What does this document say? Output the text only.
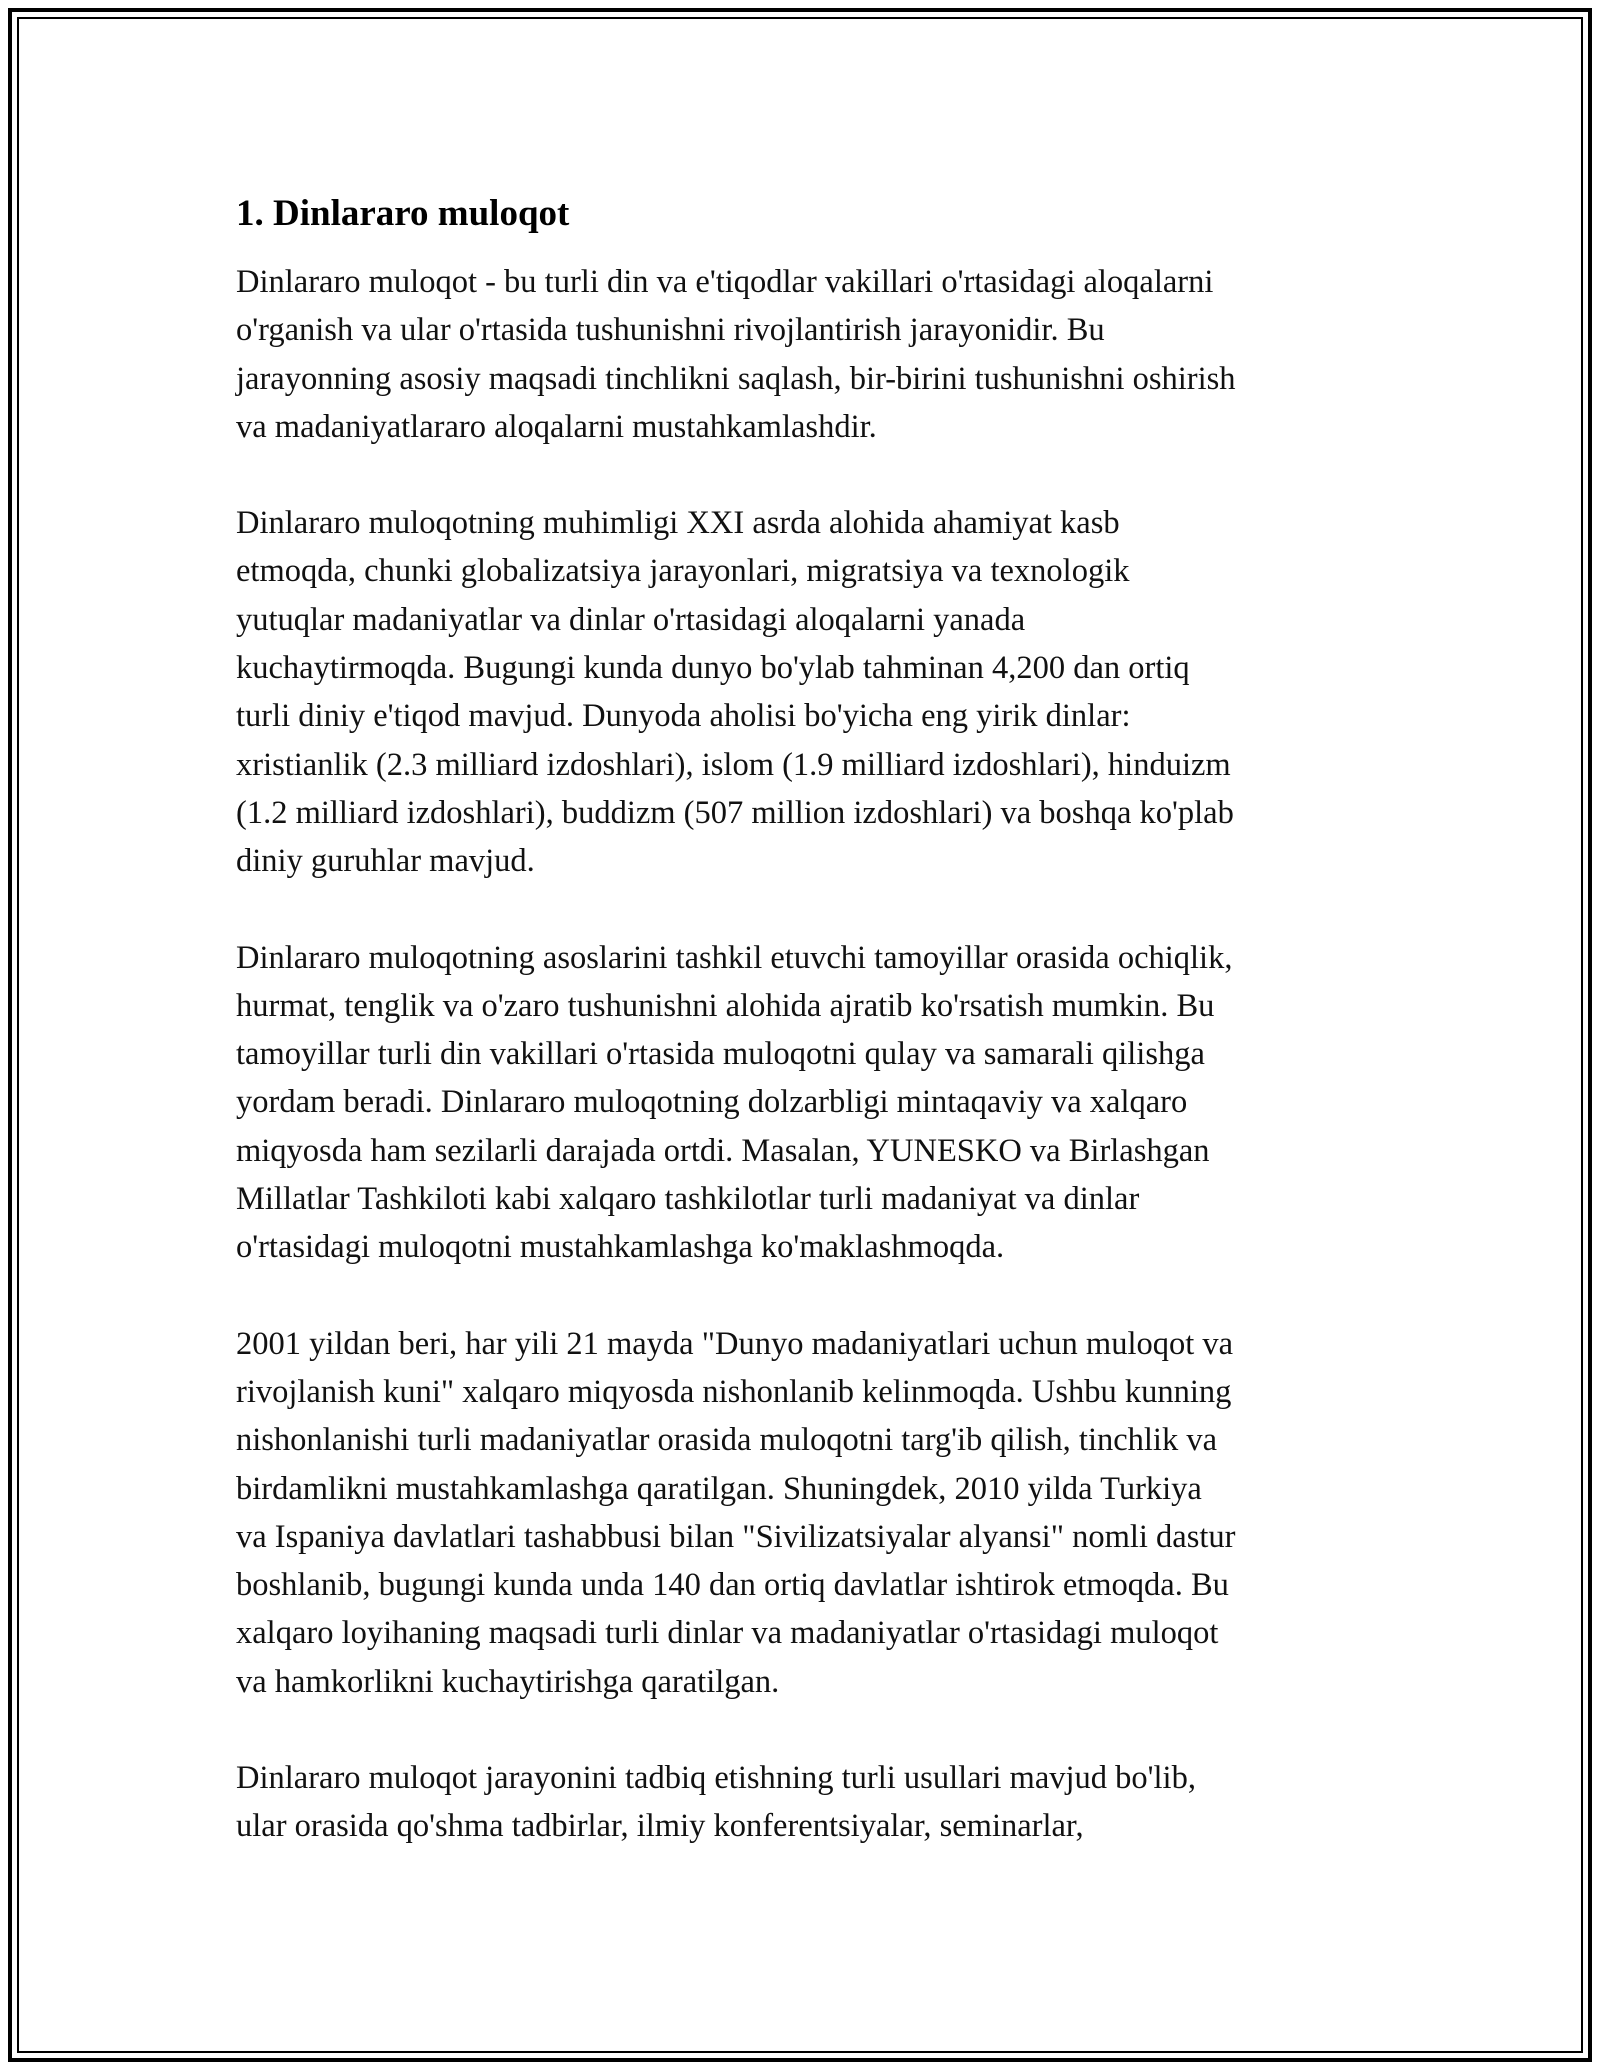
1. Dinlararo muloqot

Dinlararo muloqot - bu turli din va e'tiqodlar vakillari o'rtasidagi aloqalarni
o'rganish va ular o'rtasida tushunishni rivojlantirish jarayonidir. Bu
jarayonning asosiy maqsadi tinchlikni saqlash, bir-birini tushunishni oshirish
va madaniyatlararo aloqalarni mustahkamlashdir.

Dinlararo muloqotning muhimligi XXI asrda alohida ahamiyat kasb
etmoqda, chunki globalizatsiya jarayonlari, migratsiya va texnologik
yutuqlar madaniyatlar va dinlar o'rtasidagi aloqalarni yanada
kuchaytirmoqda. Bugungi kunda dunyo bo'ylab tahminan 4,200 dan ortiq
turli diniy e'tiqod mavjud. Dunyoda aholisi bo'yicha eng yirik dinlar:
xristianlik (2.3 milliard izdoshlari), islom (1.9 milliard izdoshlari), hinduizm
(1.2 milliard izdoshlari), buddizm (507 million izdoshlari) va boshqa ko'plab
diniy guruhlar mavjud.

Dinlararo muloqotning asoslarini tashkil etuvchi tamoyillar orasida ochiqlik,
hurmat, tenglik va o'zaro tushunishni alohida ajratib ko'rsatish mumkin. Bu
tamoyillar turli din vakillari o'rtasida muloqotni qulay va samarali qilishga
yordam beradi. Dinlararo muloqotning dolzarbligi mintaqaviy va xalqaro
miqyosda ham sezilarli darajada ortdi. Masalan, YUNESKO va Birlashgan
Millatlar Tashkiloti kabi xalqaro tashkilotlar turli madaniyat va dinlar
o'rtasidagi muloqotni mustahkamlashga ko'maklashmoqda.

2001 yildan beri, har yili 21 mayda "Dunyo madaniyatlari uchun muloqot va
rivojlanish kuni" xalqaro miqyosda nishonlanib kelinmoqda. Ushbu kunning
nishonlanishi turli madaniyatlar orasida muloqotni targ'ib qilish, tinchlik va
birdamlikni mustahkamlashga qaratilgan. Shuningdek, 2010 yilda Turkiya
va Ispaniya davlatlari tashabbusi bilan "Sivilizatsiyalar alyansi" nomli dastur
boshlanib, bugungi kunda unda 140 dan ortiq davlatlar ishtirok etmoqda. Bu
xalqaro loyihaning maqsadi turli dinlar va madaniyatlar o'rtasidagi muloqot
va hamkorlikni kuchaytirishga qaratilgan.

Dinlararo muloqot jarayonini tadbiq etishning turli usullari mavjud bo'lib,
ular orasida qo'shma tadbirlar, ilmiy konferentsiyalar, seminarlar,
